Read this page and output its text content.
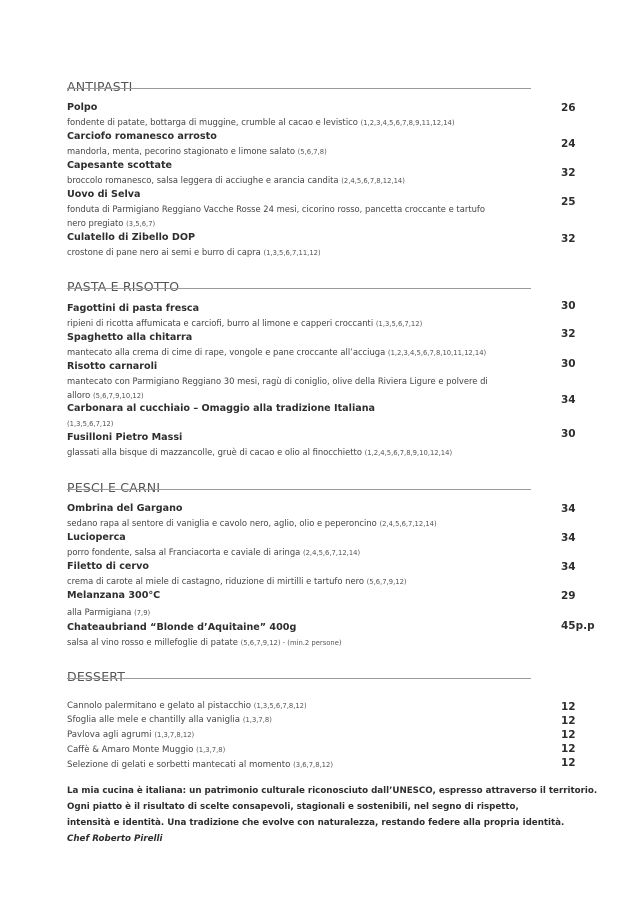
ANTIPASTI
Polpo
fondente di patate, bottarga di muggine, crumble al cacao e levistico (1,2,3,4,5,6,7,8,9,11,12,14)
26
Carciofo romanesco arrosto
mandorla, menta, pecorino stagionato e limone salato (5,6,7,8)
24
Capesante scottate
broccolo romanesco, salsa leggera di acciughe e arancia candita (2,4,5,6,7,8,12,14)
32
Uovo di Selva
fonduta di Parmigiano Reggiano Vacche Rosse 24 mesi, cicorino rosso, pancetta croccante e tartufo nero pregiato (3,5,6,7)
25
Culatello di Zibello DOP
crostone di pane nero ai semi e burro di capra (1,3,5,6,7,11,12)
32
PASTA E RISOTTO
Fagottini di pasta fresca
ripieni di ricotta affumicata e carciofi, burro al limone e capperi croccanti (1,3,5,6,7,12)
30
Spaghetto alla chitarra
mantecato alla crema di cime di rape, vongole e pane croccante all’acciuga (1,2,3,4,5,6,7,8,10,11,12,14)
32
Risotto carnaroli
mantecato con Parmigiano Reggiano 30 mesi, ragù di coniglio, olive della Riviera Ligure e polvere di alloro (5,6,7,9,10,12)
30
Carbonara al cucchiaio – Omaggio alla tradizione Italiana
(1,3,5,6,7,12)
34
Fusilloni Pietro Massi
glassati alla bisque di mazzancolle, gruè di cacao e olio al finocchietto (1,2,4,5,6,7,8,9,10,12,14)
30
PESCI E CARNI
Ombrina del Gargano
sedano rapa al sentore di vaniglia e cavolo nero, aglio, olio e peperoncino (2,4,5,6,7,12,14)
34
Lucioperca
porro fondente, salsa al Franciacorta e caviale di aringa (2,4,5,6,7,12,14)
34
Filetto di cervo
crema di carote al miele di castagno, riduzione di mirtilli e tartufo nero (5,6,7,9,12)
34
Melanzana 300°C
alla Parmigiana (7,9)
29
Chateaubriand “Blonde d’Aquitaine” 400g
salsa al vino rosso e millefoglie di patate (5,6,7,9,12) - (min.2 persone)
45p.p
DESSERT
Cannolo palermitano e gelato al pistacchio (1,3,5,6,7,8,12)	12
Sfoglia alle mele e chantilly alla vaniglia (1,3,7,8)	12
Pavlova agli agrumi (1,3,7,8,12)	12
Caffè & Amaro Monte Muggio (1,3,7,8)	12
Selezione di gelati e sorbetti mantecati al momento (3,6,7,8,12)	12
La mia cucina è italiana: un patrimonio culturale riconosciuto dall’UNESCO, espresso attraverso il territorio.
Ogni piatto è il risultato di scelte consapevoli, stagionali e sostenibili, nel segno di rispetto,
intensità e identità. Una tradizione che evolve con naturalezza, restando federe alla propria identità.
Chef Roberto Pirelli
